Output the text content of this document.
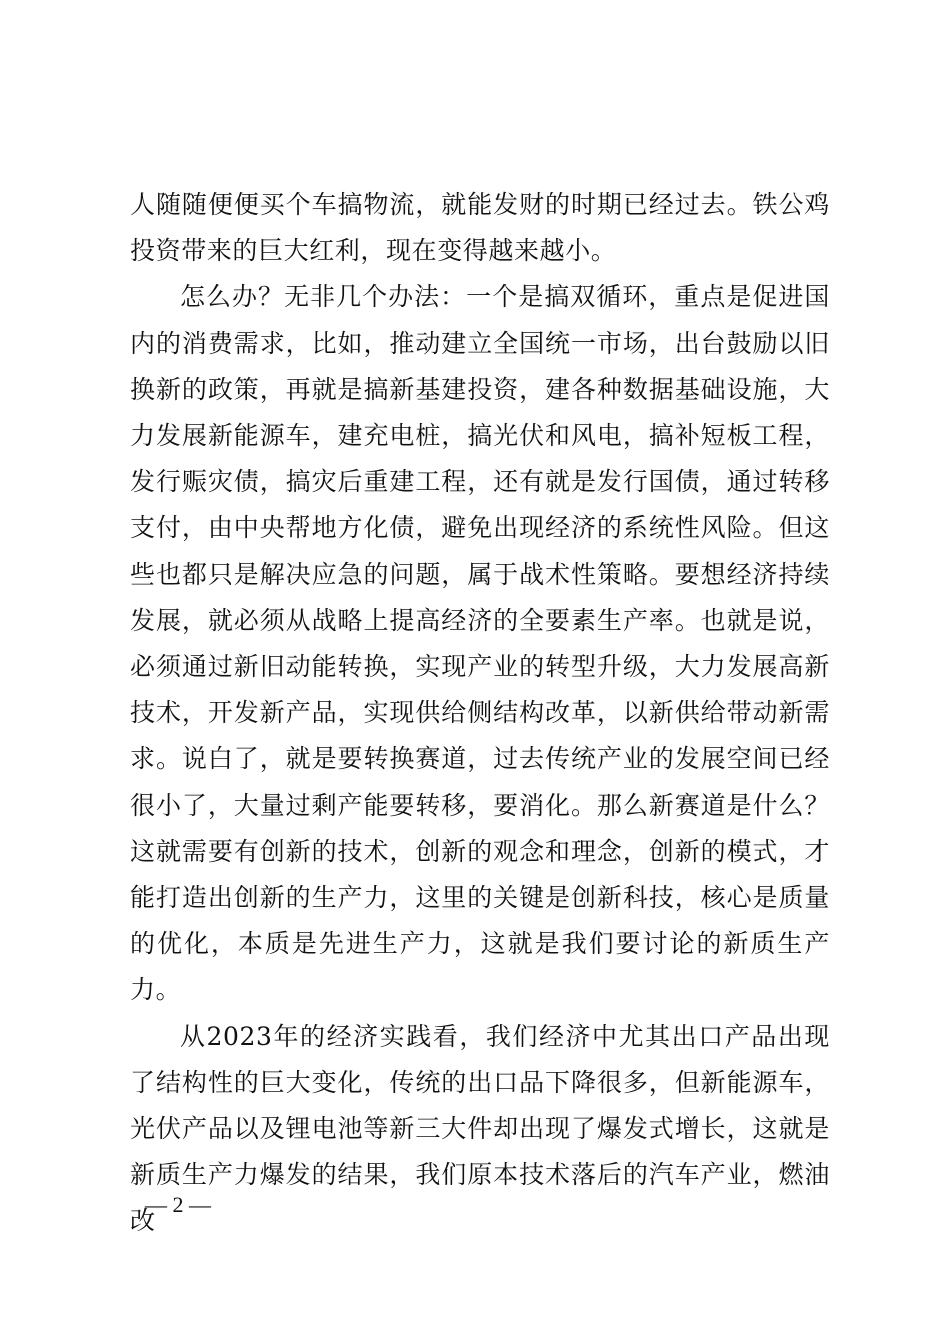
人随随便便买个车搞物流，就能发财的时期已经过去。铁公鸡投资带来的巨大红利，现在变得越来越小。

怎么办？无非几个办法：一个是搞双循环，重点是促进国内的消费需求，比如，推动建立全国统一市场，出台鼓励以旧换新的政策，再就是搞新基建投资，建各种数据基础设施，大力发展新能源车，建充电桩，搞光伏和风电，搞补短板工程，发行赈灾债，搞灾后重建工程，还有就是发行国债，通过转移支付，由中央帮地方化债，避免出现经济的系统性风险。但这些也都只是解决应急的问题，属于战术性策略。要想经济持续发展，就必须从战略上提高经济的全要素生产率。也就是说，必须通过新旧动能转换，实现产业的转型升级，大力发展高新技术，开发新产品，实现供给侧结构改革，以新供给带动新需求。说白了，就是要转换赛道，过去传统产业的发展空间已经很小了，大量过剩产能要转移，要消化。那么新赛道是什么？这就需要有创新的技术，创新的观念和理念，创新的模式，才能打造出创新的生产力，这里的关键是创新科技，核心是质量的优化，本质是先进生产力，这就是我们要讨论的新质生产力。

从2023年的经济实践看，我们经济中尤其出口产品出现了结构性的巨大变化，传统的出口品下降很多，但新能源车，光伏产品以及锂电池等新三大件却出现了爆发式增长，这就是新质生产力爆发的结果，我们原本技术落后的汽车产业，燃油改

— 2 —
